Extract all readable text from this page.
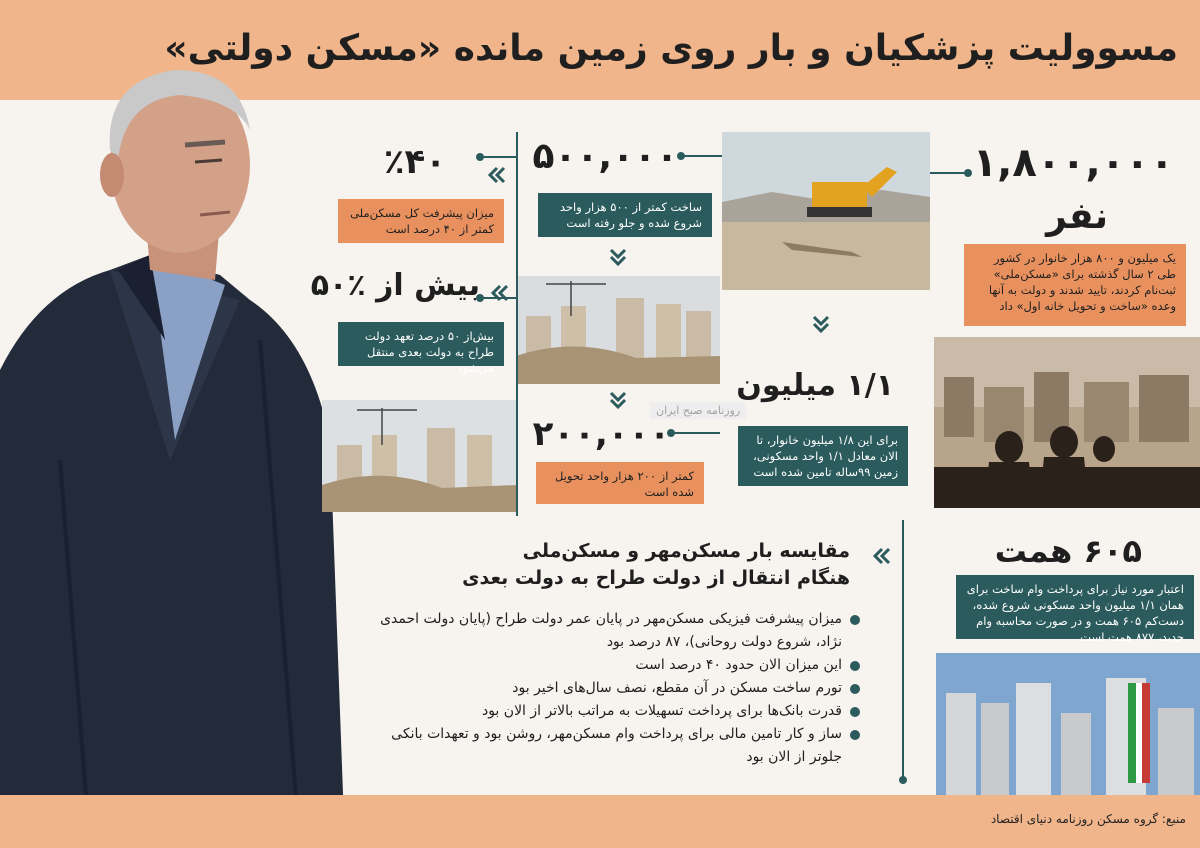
مسوولیت پزشکیان و بار روی زمین مانده «مسکن دولتی»
روزنامه صبح ایران
۱,۸۰۰,۰۰۰
نفر
یک میلیون و ۸۰۰ هزار خانوار در کشور طی ۲ سال گذشته برای «مسکن‌ملی» ثبت‌نام کردند، تایید شدند و دولت به آنها وعده «ساخت و تحویل خانه اول» داد
۵۰۰,۰۰۰
ساخت کمتر از ۵۰۰ هزار واحد شروع شده و جلو رفته است
٪۴۰
میزان پیشرفت کل مسکن‌ملی کمتر از ۴۰ درصد است
بیش از ٪۵۰
بیش‌از ۵۰ درصد تعهد دولت طراح به دولت بعدی منتقل می‌شود
۲۰۰,۰۰۰
کمتر از ۲۰۰ هزار واحد تحویل شده است
۱/۱ میلیون
برای این ۱/۸ میلیون خانوار، تا الان معادل ۱/۱ واحد مسکونی، زمین ۹۹ساله تامین شده است
۶۰۵ همت
اعتبار مورد نیاز برای پرداخت وام ساخت برای همان ۱/۱ میلیون واحد مسکونی شروع شده، دست‌کم ۶۰۵ همت و در صورت محاسبه وام جدید، ۸۷۷ همت است
مقایسه بار مسکن‌مهر و مسکن‌ملی
هنگام انتقال از دولت طراح به دولت بعدی
میزان پیشرفت فیزیکی مسکن‌مهر در پایان عمر دولت طراح (پایان دولت احمدی نژاد، شروع دولت روحانی)، ۸۷ درصد بود
این میزان الان حدود ۴۰ درصد است
تورم ساخت مسکن در آن مقطع، نصف سال‌های اخیر بود
قدرت بانک‌ها برای پرداخت تسهیلات به مراتب بالاتر از الان بود
ساز و کار تامین مالی برای پرداخت وام مسکن‌مهر، روشن بود و تعهدات بانکی جلوتر از الان بود
منبع: گروه مسکن روزنامه دنیای اقتصاد
